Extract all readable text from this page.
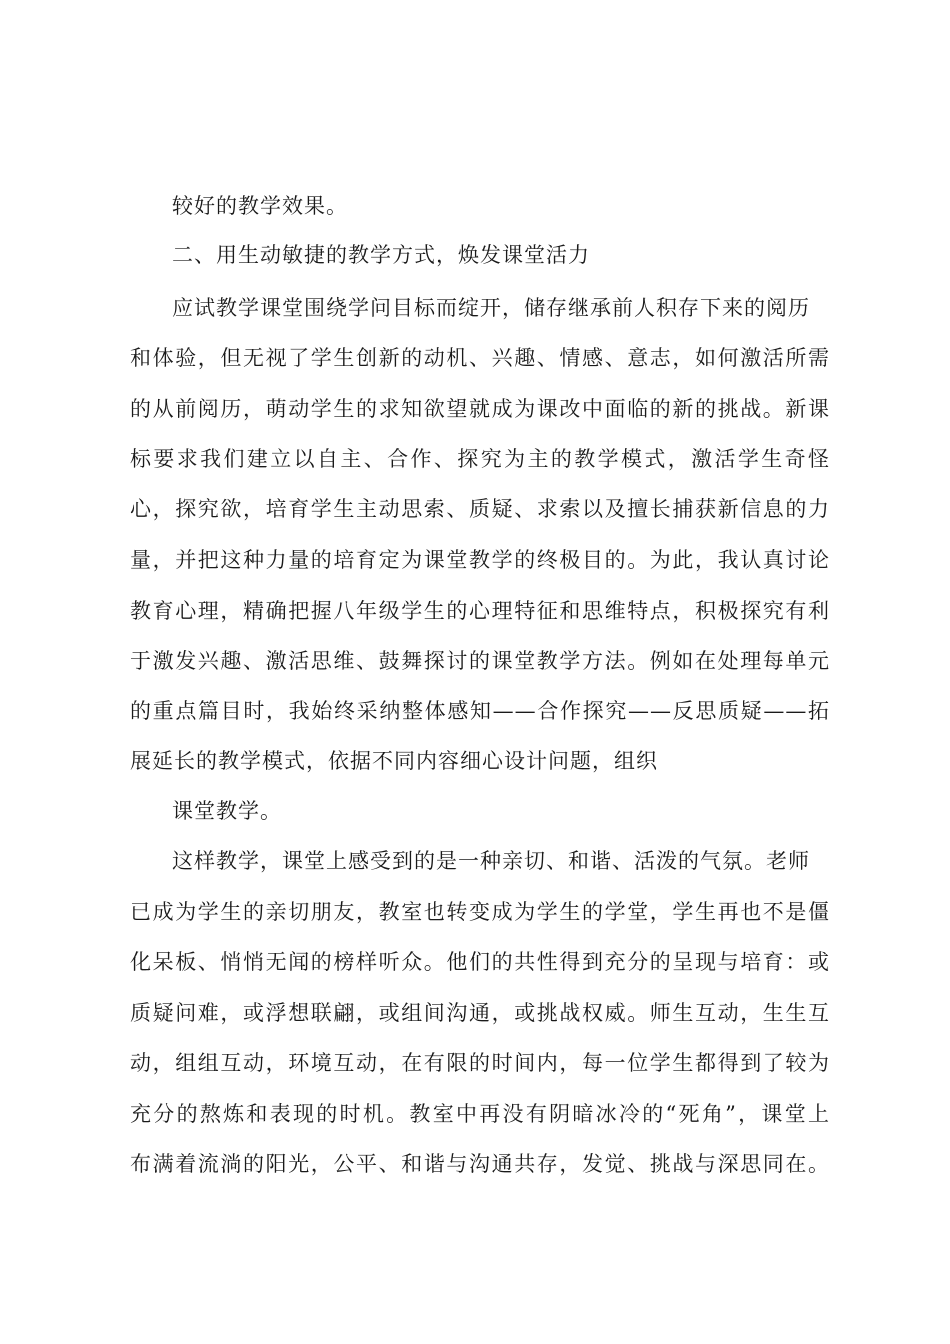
较好的教学效果。
二、用生动敏捷的教学方式，焕发课堂活力
应试教学课堂围绕学问目标而绽开，储存继承前人积存下来的阅历
和体验，但无视了学生创新的动机、兴趣、情感、意志，如何激活所需
的从前阅历，萌动学生的求知欲望就成为课改中面临的新的挑战。新课
标要求我们建立以自主、合作、探究为主的教学模式，激活学生奇怪
心，探究欲，培育学生主动思索、质疑、求索以及擅长捕获新信息的力
量，并把这种力量的培育定为课堂教学的终极目的。为此，我认真讨论
教育心理，精确把握八年级学生的心理特征和思维特点，积极探究有利
于激发兴趣、激活思维、鼓舞探讨的课堂教学方法。例如在处理每单元
的重点篇目时，我始终采纳整体感知——合作探究——反思质疑——拓
展延长的教学模式，依据不同内容细心设计问题，组织
课堂教学。
这样教学，课堂上感受到的是一种亲切、和谐、活泼的气氛。老师
已成为学生的亲切朋友，教室也转变成为学生的学堂，学生再也不是僵
化呆板、悄悄无闻的榜样听众。他们的共性得到充分的呈现与培育：或
质疑问难，或浮想联翩，或组间沟通，或挑战权威。师生互动，生生互
动，组组互动，环境互动，在有限的时间内，每一位学生都得到了较为
充分的熬炼和表现的时机。教室中再没有阴暗冰冷的“死角”，课堂上
布满着流淌的阳光，公平、和谐与沟通共存，发觉、挑战与深思同在。
